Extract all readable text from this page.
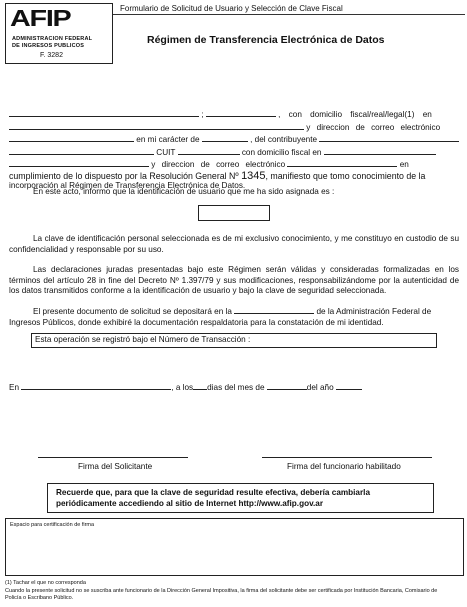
AFIP
ADMINISTRACION FEDERAL
DE INGRESOS PUBLICOS
F. 3282
Formulario de Solicitud de Usuario y Selección de Clave Fiscal
Régimen de Transferencia Electrónica de Datos
;	, con domicilio fiscal/real/legal(1) en
y direccion de correo electrónico
en mi carácter de	, del contribuyente
CUIT	con domicilio fiscal en
y direccion de correo electrónico	en
cumplimiento de lo dispuesto por la Resolución General Nº 1345, manifiesto que tomo conocimiento de la
incorporación al Régimen de Transferencia Electrónica de Datos.
En este acto, informo que la identificación de usuario que me ha sido asignada es :
La clave de identificación personal seleccionada es de mi exclusivo conocimiento, y me constituyo en custodio de su confidencialidad y responsable por su uso.
Las declaraciones juradas presentadas bajo este Régimen serán válidas y consideradas formalizadas en los términos del artículo 28 in fine del Decreto Nº 1.397/79 y sus modificaciones, responsabilizándome por la autenticidad de los datos transmitidos conforme a la identificación de usuario y bajo la clave de seguridad seleccionada.
El presente documento de solicitud se depositará en la	de la Administración Federal de
Ingresos Públicos, donde exhibiré la documentación respaldatoria para la constatación de mi identidad.
Esta operación se registró bajo el Número de Transacción :
En	, a los dias del mes de	del año
Firma del Solicitante	Firma del funcionario habilitado
Recuerde que, para que la clave de seguridad resulte efectiva, debería cambiarla periódicamente accediendo al sitio de Internet http://www.afip.gov.ar
Espacio para certificación de firma
(1) Tachar el que no corresponda
Cuando la presente solicitud no se suscriba ante funcionario de la Dirección General Impositiva, la firma del solicitante debe ser certificada por Institución Bancaria, Comisario de Policía o Escribano Público.
